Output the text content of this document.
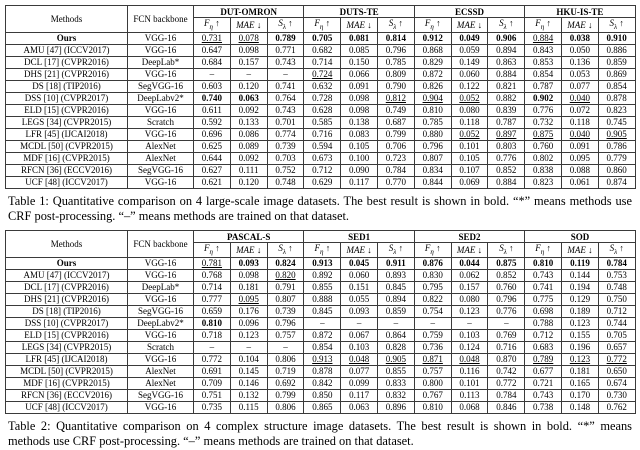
Methods	FCN backbone	DUT-OMRON			DUTS-TE			ECSSD			HKU-IS-TE		
		$F_\eta$ ↑	MAE ↓	$S_\lambda$ ↑	$F_\eta$ ↑	MAE ↓	$S_\lambda$ ↑	$F_\eta$ ↑	MAE ↓	$S_\lambda$ ↑	$F_\eta$ ↑	MAE ↓	$S_\lambda$ ↑
Ours	VGG-16	0.731	0.078	0.789	0.705	0.081	0.814	0.912	0.049	0.906	0.884	0.038	0.910
AMU [47] (ICCV2017)	VGG-16	0.647	0.098	0.771	0.682	0.085	0.796	0.868	0.059	0.894	0.843	0.050	0.886
DCL [17] (CVPR2016)	DeepLab*	0.684	0.157	0.743	0.714	0.150	0.785	0.829	0.149	0.863	0.853	0.136	0.859
DHS [21] (CVPR2016)	VGG-16	–	–	–	0.724	0.066	0.809	0.872	0.060	0.884	0.854	0.053	0.869
DS [18] (TIP2016)	SegVGG-16	0.603	0.120	0.741	0.632	0.091	0.790	0.826	0.122	0.821	0.787	0.077	0.854
DSS [10] (CVPR2017)	DeepLabv2*	0.740	0.063	0.764	0.728	0.098	0.812	0.904	0.052	0.882	0.902	0.040	0.878
ELD [15] (CVPR2016)	VGG-16	0.611	0.092	0.743	0.628	0.098	0.749	0.810	0.080	0.839	0.776	0.072	0.823
LEGS [34] (CVPR2015)	Scratch	0.592	0.133	0.701	0.585	0.138	0.687	0.785	0.118	0.787	0.732	0.118	0.745
LFR [45] (IJCAI2018)	VGG-16	0.696	0.086	0.774	0.716	0.083	0.799	0.880	0.052	0.897	0.875	0.040	0.905
MCDL [50] (CVPR2015)	AlexNet	0.625	0.089	0.739	0.594	0.105	0.706	0.796	0.101	0.803	0.760	0.091	0.786
MDF [16] (CVPR2015)	AlexNet	0.644	0.092	0.703	0.673	0.100	0.723	0.807	0.105	0.776	0.802	0.095	0.779
RFCN [36] (ECCV2016)	SegVGG-16	0.627	0.111	0.752	0.712	0.090	0.784	0.834	0.107	0.852	0.838	0.088	0.860
UCF [48] (ICCV2017)	VGG-16	0.621	0.120	0.748	0.629	0.117	0.770	0.844	0.069	0.884	0.823	0.061	0.874

Table 1: Quantitative comparison on 4 large-scale image datasets. The best result is shown in bold. “*” means methods use CRF post-processing. “–” means methods are trained on that dataset.

Methods	FCN backbone	PASCAL-S			SED1			SED2			SOD		
		$F_\eta$ ↑	MAE ↓	$S_\lambda$ ↑	$F_\eta$ ↑	MAE ↓	$S_\lambda$ ↑	$F_\eta$ ↑	MAE ↓	$S_\lambda$ ↑	$F_\eta$ ↑	MAE ↓	$S_\lambda$ ↑
Ours	VGG-16	0.781	0.093	0.824	0.913	0.045	0.911	0.876	0.044	0.875	0.810	0.119	0.784
AMU [47] (ICCV2017)	VGG-16	0.768	0.098	0.820	0.892	0.060	0.893	0.830	0.062	0.852	0.743	0.144	0.753
DCL [17] (CVPR2016)	DeepLab*	0.714	0.181	0.791	0.855	0.151	0.845	0.795	0.157	0.760	0.741	0.194	0.748
DHS [21] (CVPR2016)	VGG-16	0.777	0.095	0.807	0.888	0.055	0.894	0.822	0.080	0.796	0.775	0.129	0.750
DS [18] (TIP2016)	SegVGG-16	0.659	0.176	0.739	0.845	0.093	0.859	0.754	0.123	0.776	0.698	0.189	0.712
DSS [10] (CVPR2017)	DeepLabv2*	0.810	0.096	0.796	–	–	–	–	–	–	0.788	0.123	0.744
ELD [15] (CVPR2016)	VGG-16	0.718	0.123	0.757	0.872	0.067	0.864	0.759	0.103	0.769	0.712	0.155	0.705
LEGS [34] (CVPR2015)	Scratch	–	–	–	0.854	0.103	0.828	0.736	0.124	0.716	0.683	0.196	0.657
LFR [45] (IJCAI2018)	VGG-16	0.772	0.104	0.806	0.913	0.048	0.905	0.871	0.048	0.870	0.789	0.123	0.772
MCDL [50] (CVPR2015)	AlexNet	0.691	0.145	0.719	0.878	0.077	0.855	0.757	0.116	0.742	0.677	0.181	0.650
MDF [16] (CVPR2015)	AlexNet	0.709	0.146	0.692	0.842	0.099	0.833	0.800	0.101	0.772	0.721	0.165	0.674
RFCN [36] (ECCV2016)	SegVGG-16	0.751	0.132	0.799	0.850	0.117	0.832	0.767	0.113	0.784	0.743	0.170	0.730
UCF [48] (ICCV2017)	VGG-16	0.735	0.115	0.806	0.865	0.063	0.896	0.810	0.068	0.846	0.738	0.148	0.762

Table 2: Quantitative comparison on 4 complex structure image datasets. The best result is shown in bold. “*” means methods use CRF post-processing. “–” means methods are trained on that dataset.
